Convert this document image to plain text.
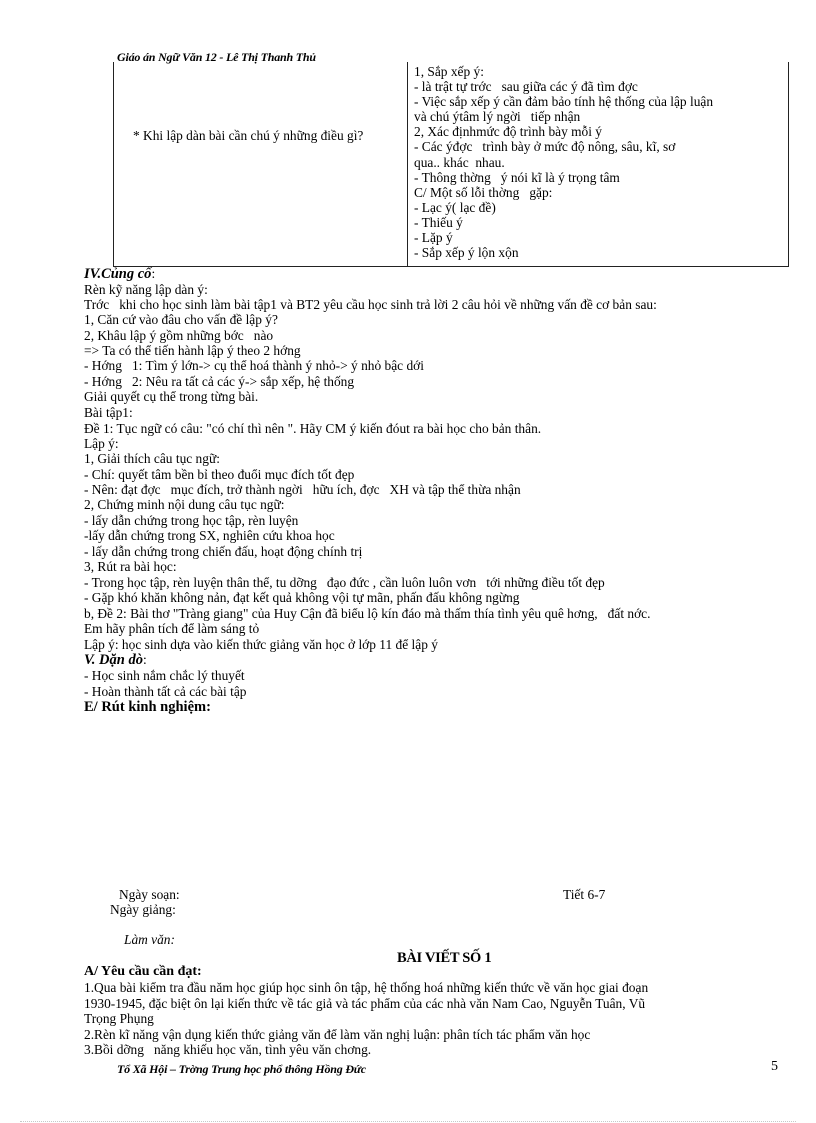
Giáo án Ngữ Văn 12 - Lê Thị Thanh Thủ
* Khi lập dàn bài cần chú ý những điều gì?
1, Sắp xếp ý:
- là trật tự trớc   sau giữa các ý đã tìm đợc
- Việc sắp xếp ý cần đảm bảo tính hệ thống của lập luận
và chú ýtâm lý ngời   tiếp nhận
2, Xác địnhmức độ trình bày mỗi ý
- Các ýđợc   trình bày ở mức độ nông, sâu, kĩ, sơ
qua.. khác  nhau.
- Thông thờng   ý nói kĩ là ý trọng tâm
C/ Một số lỗi thờng   gặp:
- Lạc ý( lạc đề)
- Thiếu ý
- Lặp ý
- Sắp xếp ý lộn xộn
IV.Củng cố:
Rèn kỹ năng lập dàn ý:
Trớc   khi cho học sinh làm bài tập1 và BT2 yêu cầu học sinh trả lời 2 câu hỏi về những vấn đề cơ bản sau:
1, Căn cứ vào đâu cho vấn đề lập ý?
2, Khâu lập ý gồm những bớc   nào
=> Ta có thể tiến hành lập ý theo 2 hớng
- Hớng   1: Tìm ý lớn-> cụ thể hoá thành ý nhỏ-> ý nhỏ bậc dới
- Hớng   2: Nêu ra tất cả các ý-> sắp xếp, hệ thống
Giải quyết cụ thể trong từng bài.
Bài tập1:
Đề 1: Tục ngữ có câu: "có chí thì nên ". Hãy CM ý kiến đóut ra bài học cho bản thân.
Lập ý:
1, Giải thích câu tục ngữ:
- Chí: quyết tâm bền bỉ theo đuổi mục đích tốt đẹp
- Nên: đạt đợc   mục đích, trở thành ngời   hữu ích, đợc   XH và tập thể thừa nhận
2, Chứng minh nội dung câu tục ngữ:
- lấy dẫn chứng trong học tập, rèn luyện
-lấy dẫn chứng trong SX, nghiên cứu khoa học
- lấy dẫn chứng trong chiến đấu, hoạt động chính trị
3, Rút ra bài học:
- Trong học tập, rèn luyện thân thể, tu dỡng   đạo đức , cần luôn luôn vơn   tới những điều tốt đẹp
- Gặp khó khăn không nản, đạt kết quả không vội tự mãn, phấn đấu không ngừng
b, Đề 2: Bài thơ "Tràng giang" của Huy Cận đã biểu lộ kín đáo mà thấm thía tình yêu quê hơng,   đất nớc.
Em hãy phân tích để làm sáng tỏ
Lập ý: học sinh dựa vào kiến thức giảng văn học ở lớp 11 để lập ý
V. Dặn dò:
- Học sinh nắm chắc lý thuyết
- Hoàn thành tất cả các bài tập
E/ Rút kinh nghiệm:
Ngày soạn:
Ngày giảng:
Tiết 6-7
Làm văn:
BÀI VIẾT SỐ 1
A/ Yêu cầu cần đạt:
1.Qua bài kiểm tra đầu năm học giúp học sinh ôn tập, hệ thống hoá những kiến thức về văn học giai đoạn
1930-1945, đặc biệt ôn lại kiến thức về tác giả và tác phẩm của các nhà văn Nam Cao, Nguyễn Tuân, Vũ
Trọng Phụng
2.Rèn kĩ năng vận dụng kiến thức giảng văn để làm văn nghị luận: phân tích tác phẩm văn học
3.Bồi dỡng   năng khiếu học văn, tình yêu văn chơng.
Tổ Xã Hội – Trờng Trung học phổ thông Hồng Đức	5
